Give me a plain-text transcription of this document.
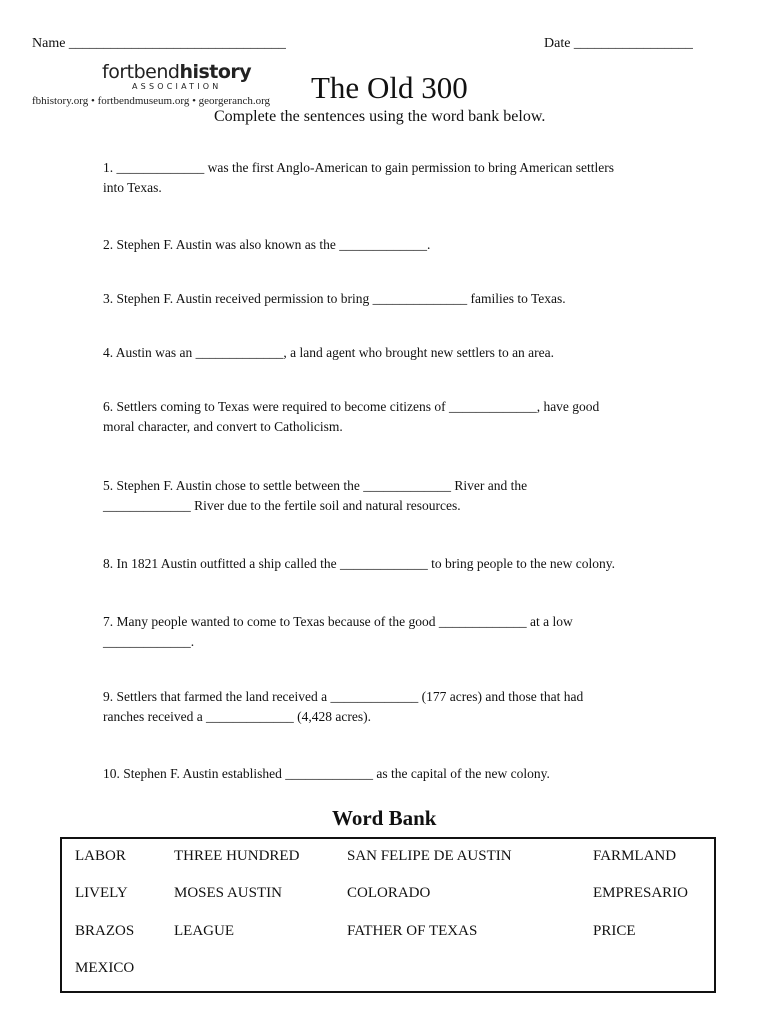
Name _______________________________	Date _________________
fortbendhistory
ASSOCIATION
fbhistory.org • fortbendmuseum.org • georgeranch.org The Old 300
Complete the sentences using the word bank below.
1. _____________ was the first Anglo-American to gain permission to bring American settlers
into Texas.
2. Stephen F. Austin was also known as the _____________.
3. Stephen F. Austin received permission to bring ______________ families to Texas.
4. Austin was an _____________, a land agent who brought new settlers to an area.
6. Settlers coming to Texas were required to become citizens of _____________, have good
moral character, and convert to Catholicism.
5. Stephen F. Austin chose to settle between the _____________ River and the
_____________ River due to the fertile soil and natural resources.
8. In 1821 Austin outfitted a ship called the _____________ to bring people to the new colony.
7. Many people wanted to come to Texas because of the good _____________ at a low
_____________.
9. Settlers that farmed the land received a _____________ (177 acres) and those that had
ranches received a _____________ (4,428 acres).
10. Stephen F. Austin established _____________ as the capital of the new colony.
Word Bank
LABOR	THREE HUNDRED	SAN FELIPE DE AUSTIN	FARMLAND
LIVELY	MOSES AUSTIN	COLORADO	EMPRESARIO
BRAZOS	LEAGUE	FATHER OF TEXAS	PRICE
MEXICO
